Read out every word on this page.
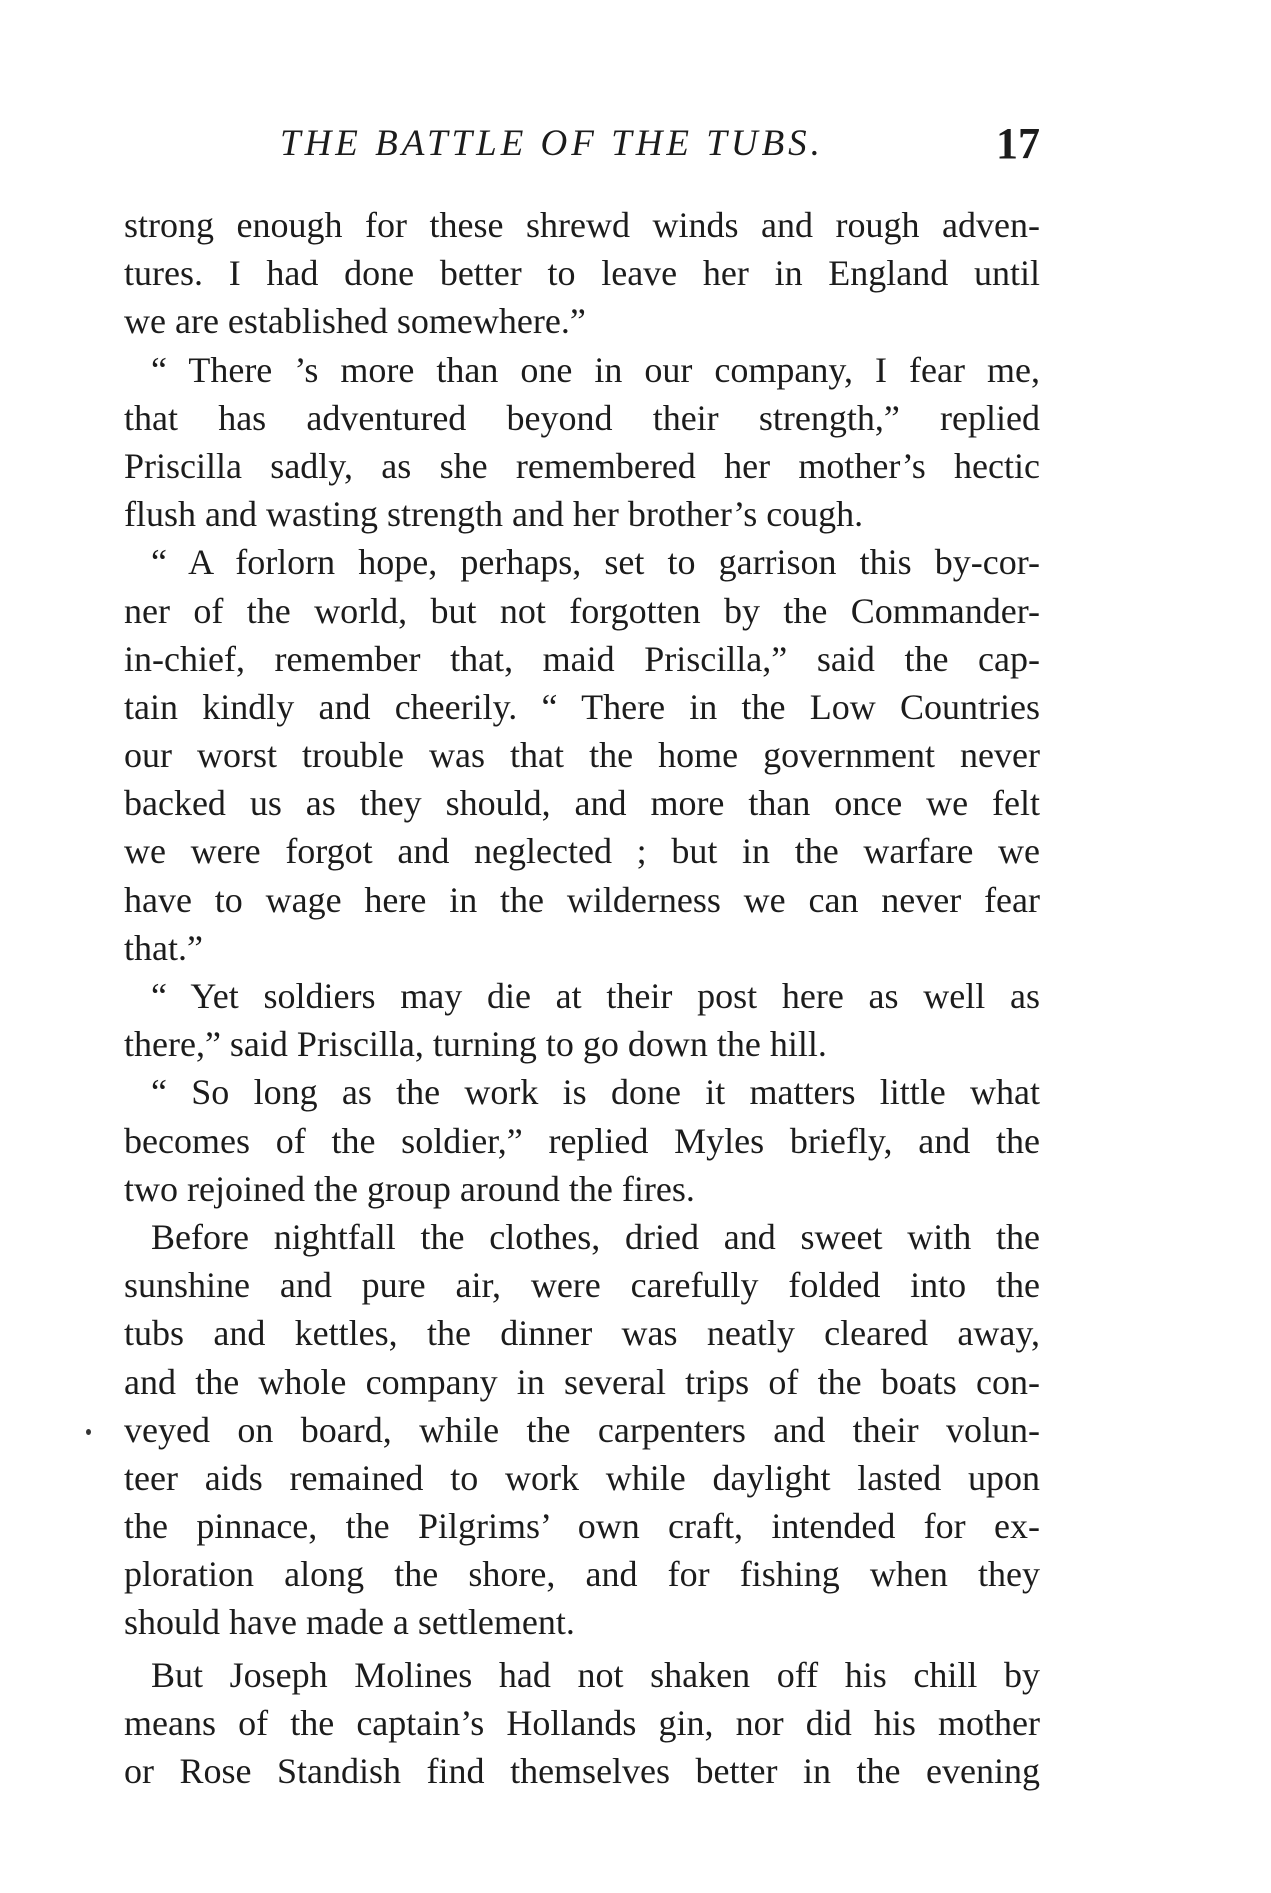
THE BATTLE OF THE TUBS.	17
strong enough for these shrewd winds and rough adven-
tures. I had done better to leave her in England until
we are established somewhere.”
“ There ’s more than one in our company, I fear me,
that has adventured beyond their strength,” replied
Priscilla sadly, as she remembered her mother’s hectic
flush and wasting strength and her brother’s cough.
“ A forlorn hope, perhaps, set to garrison this by-cor-
ner of the world, but not forgotten by the Commander-
in-chief, remember that, maid Priscilla,” said the cap-
tain kindly and cheerily. “ There in the Low Countries
our worst trouble was that the home government never
backed us as they should, and more than once we felt
we were forgot and neglected ; but in the warfare we
have to wage here in the wilderness we can never fear
that.”
“ Yet soldiers may die at their post here as well as
there,” said Priscilla, turning to go down the hill.
“ So long as the work is done it matters little what
becomes of the soldier,” replied Myles briefly, and the
two rejoined the group around the fires.
Before nightfall the clothes, dried and sweet with the
sunshine and pure air, were carefully folded into the
tubs and kettles, the dinner was neatly cleared away,
and the whole company in several trips of the boats con-
veyed on board, while the carpenters and their volun-
teer aids remained to work while daylight lasted upon
the pinnace, the Pilgrims’ own craft, intended for ex-
ploration along the shore, and for fishing when they
should have made a settlement.
But Joseph Molines had not shaken off his chill by
means of the captain’s Hollands gin, nor did his mother
or Rose Standish find themselves better in the evening
